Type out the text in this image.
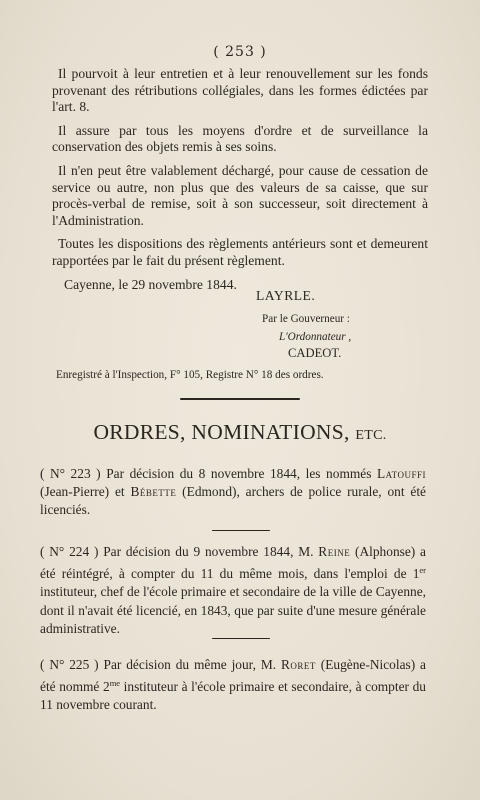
( 253 )

Il pourvoit à leur entretien et à leur renouvellement sur les fonds provenant des rétributions collégiales, dans les formes édictées par l'art. 8.

Il assure par tous les moyens d'ordre et de surveillance la conservation des objets remis à ses soins.

Il n'en peut être valablement déchargé, pour cause de cessation de service ou autre, non plus que des valeurs de sa caisse, que sur procès-verbal de remise, soit à son successeur, soit directement à l'Administration.

Toutes les dispositions des règlements antérieurs sont et demeurent rapportées par le fait du présent règlement.

Cayenne, le 29 novembre 1844.

LAYRLE.
Par le Gouverneur :
L'Ordonnateur ,
CADEOT.
Enregistré à l'Inspection, F° 105, Registre N° 18 des ordres.
ORDRES, NOMINATIONS, ETC.
( N° 223 ) Par décision du 8 novembre 1844, les nommés Latouffi (Jean-Pierre) et Bébette (Edmond), archers de police rurale, ont été licenciés.
( N° 224 ) Par décision du 9 novembre 1844, M. Reine (Alphonse) a été réintégré, à compter du 11 du même mois, dans l'emploi de 1er instituteur, chef de l'école primaire et secondaire de la ville de Cayenne, dont il n'avait été licencié, en 1843, que par suite d'une mesure générale administrative.
( N° 225 ) Par décision du même jour, M. Roret (Eugène-Nicolas) a été nommé $2^{me}$ instituteur à l'école primaire et secondaire, à compter du 11 novembre courant.
